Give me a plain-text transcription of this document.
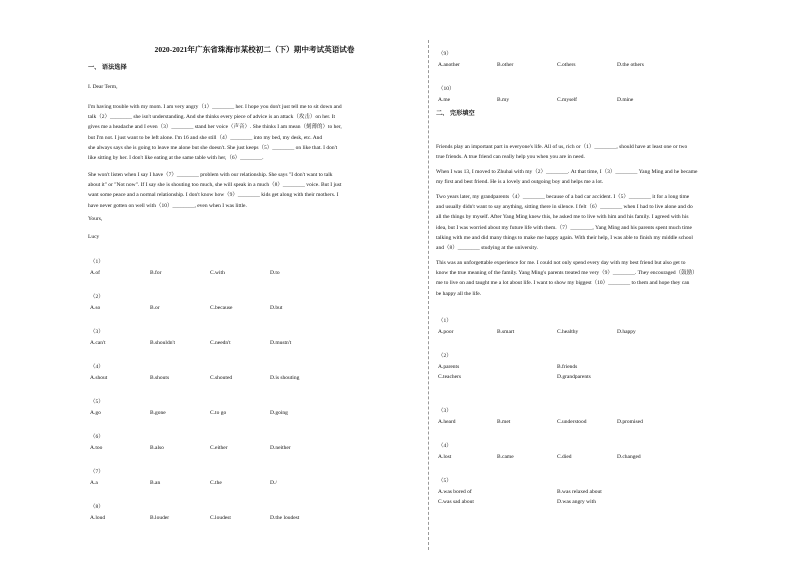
2020-2021年广东省珠海市某校初二（下）期中考试英语试卷
一、 语法选择
I. Dear Term,
I'm having trouble with my mom. I am very angry（1）________ her. I hope you don't just tell me to sit down and
talk（2）________ she isn't understanding. And she thinks every piece of advice is an attack（攻击）on her. It
gives me a headache and I even（3）________ stand her voice（声音）. She thinks I am mean（刻薄的）to her,
but I'm not. I just want to be left alone. I'm 16 and she still（4）________ into my bed, my desk, etc. And
she always says she is going to leave me alone but she doesn't. She just keeps（5）________ on like that. I don't
like sitting by her. I don't like eating at the same table with her,（6）________.
She won't listen when I say I have（7）________ problem with our relationship. She says "I don't want to talk
about it" or "Not now". If I say she is shouting too much, she will speak in a much（8）________ voice. But I just
want some peace and a normal relationship. I don't know how（9）________ kids get along with their mothers. I
have never gotten on well with（10）________, even when I was little.
Yours,
Lucy
（1）
A.of	B.for	C.with	D.to
（2）
A.so	B.or	C.because	D.but
（3）
A.can't	B.shouldn't	C.needn't	D.mustn't
（4）
A.shout	B.shouts	C.shouted	D.is shouting
（5）
A.go	B.gone	C.to go	D.going
（6）
A.too	B.also	C.either	D.neither
（7）
A.a	B.an	C.the	D./
（8）
A.loud	B.louder	C.loudest	D.the loudest
（9）
A.another	B.other	C.others	D.the others
（10）
A.me	B.my	C.myself	D.mine
二、 完形填空
Friends play an important part in everyone's life. All of us, rich or（1）________, should have at least one or two
true friends. A true friend can really help you when you are in need.
When I was 13, I moved to Zhuhai with my（2）________. At that time, I（3）________ Yang Ming and he became
my first and best friend. He is a lovely and outgoing boy and helps me a lot.
Two years later, my grandparents（4）________ because of a bad car accident. I（5）________ it for a long time
and usually didn't want to say anything, sitting there in silence. I felt（6）________ when I had to live alone and do
all the things by myself. After Yang Ming knew this, he asked me to live with him and his family. I agreed with his
idea, but I was worried about my future life with them.（7）________, Yang Ming and his parents spent much time
talking with me and did many things to make me happy again. With their help, I was able to finish my middle school
and（8）________ studying at the university.
This was an unforgettable experience for me. I could not only spend every day with my best friend but also get to
know the true meaning of the family. Yang Ming's parents treated me very（9）________. They encouraged（鼓励）
me to live on and taught me a lot about life. I want to show my biggest（10）________ to them and hope they can
be happy all the life.
（1）
A.poor	B.smart	C.healthy	D.happy
（2）
A.parents	B.friends
C.teachers	D.grandparents
（3）
A.heard	B.met	C.understood	D.promised
（4）
A.lost	B.came	C.died	D.changed
（5）
A.was bored of	B.was relaxed about
C.was sad about	D.was angry with
